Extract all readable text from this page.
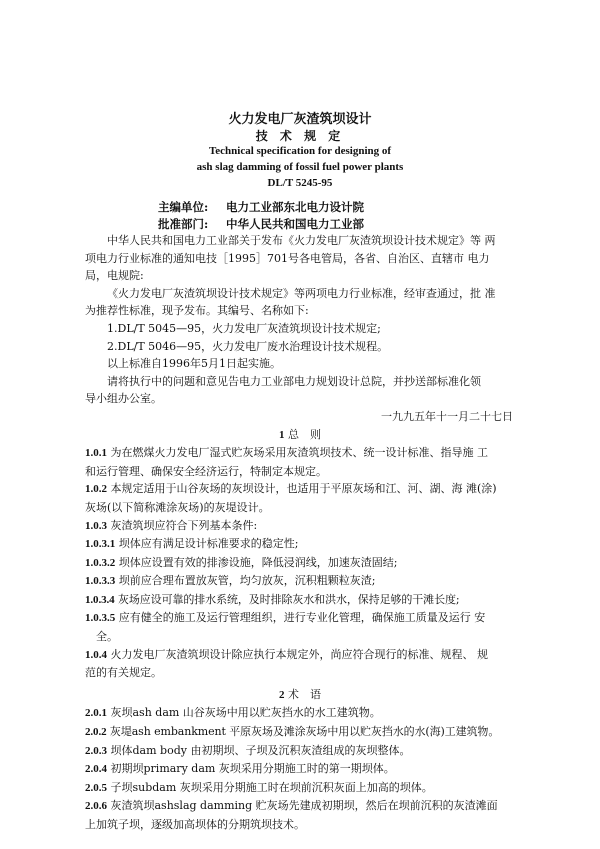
火力发电厂灰渣筑坝设计
技 术 规 定
Technical specification for designing of
ash slag damming of fossil fuel power plants
DL/T 5245-95
主编单位: 电力工业部东北电力设计院
批准部门: 中华人民共和国电力工业部

中华人民共和国电力工业部关于发布《火力发电厂灰渣筑坝设计技术规定》等 两

项电力行业标准的通知电技［1995］701号各电管局，各省、自治区、直辖市 电力

局，电规院:

《火力发电厂灰渣筑坝设计技术规定》等两项电力行业标准，经审查通过，批 准

为推荐性标准，现予发布。其编号、名称如下:

1.DL/T 5045—95，火力发电厂灰渣筑坝设计技术规定;

2.DL/T 5046—95，火力发电厂废水治理设计技术规程。

以上标准自1996年5月1日起实施。

请将执行中的问题和意见告电力工业部电力规划设计总院，并抄送部标准化领

导小组办公室。

一九九五年十一月二十七日

1 总　则

1.0.1 为在燃煤火力发电厂湿式贮灰场采用灰渣筑坝技术、统一设计标准、指导施 工

和运行管理、确保安全经济运行，特制定本规定。

1.0.2 本规定适用于山谷灰场的灰坝设计，也适用于平原灰场和江、河、湖、海 滩(涂)

灰场(以下简称滩涂灰场)的灰堤设计。

1.0.3 灰渣筑坝应符合下列基本条件:

1.0.3.1 坝体应有满足设计标准要求的稳定性;

1.0.3.2 坝体应设置有效的排渗设施，降低浸润线，加速灰渣固结;

1.0.3.3 坝前应合理布置放灰管，均匀放灰，沉积粗颗粒灰渣;

1.0.3.4 灰场应设可靠的排水系统，及时排除灰水和洪水，保持足够的干滩长度;

1.0.3.5 应有健全的施工及运行管理组织，进行专业化管理，确保施工质量及运行 安

全。

1.0.4 火力发电厂灰渣筑坝设计除应执行本规定外，尚应符合现行的标准、规程、 规

范的有关规定。

2 术　语

2.0.1 灰坝ash dam 山谷灰场中用以贮灰挡水的水工建筑物。

2.0.2 灰堤ash embankment 平原灰场及滩涂灰场中用以贮灰挡水的水(海)工建筑物。

2.0.3 坝体dam body 由初期坝、子坝及沉积灰渣组成的灰坝整体。

2.0.4 初期坝primary dam 灰坝采用分期施工时的第一期坝体。

2.0.5 子坝subdam 灰坝采用分期施工时在坝前沉积灰面上加高的坝体。

2.0.6 灰渣筑坝ashslag damming 贮灰场先建成初期坝，然后在坝前沉积的灰渣滩面

上加筑子坝，逐级加高坝体的分期筑坝技术。
